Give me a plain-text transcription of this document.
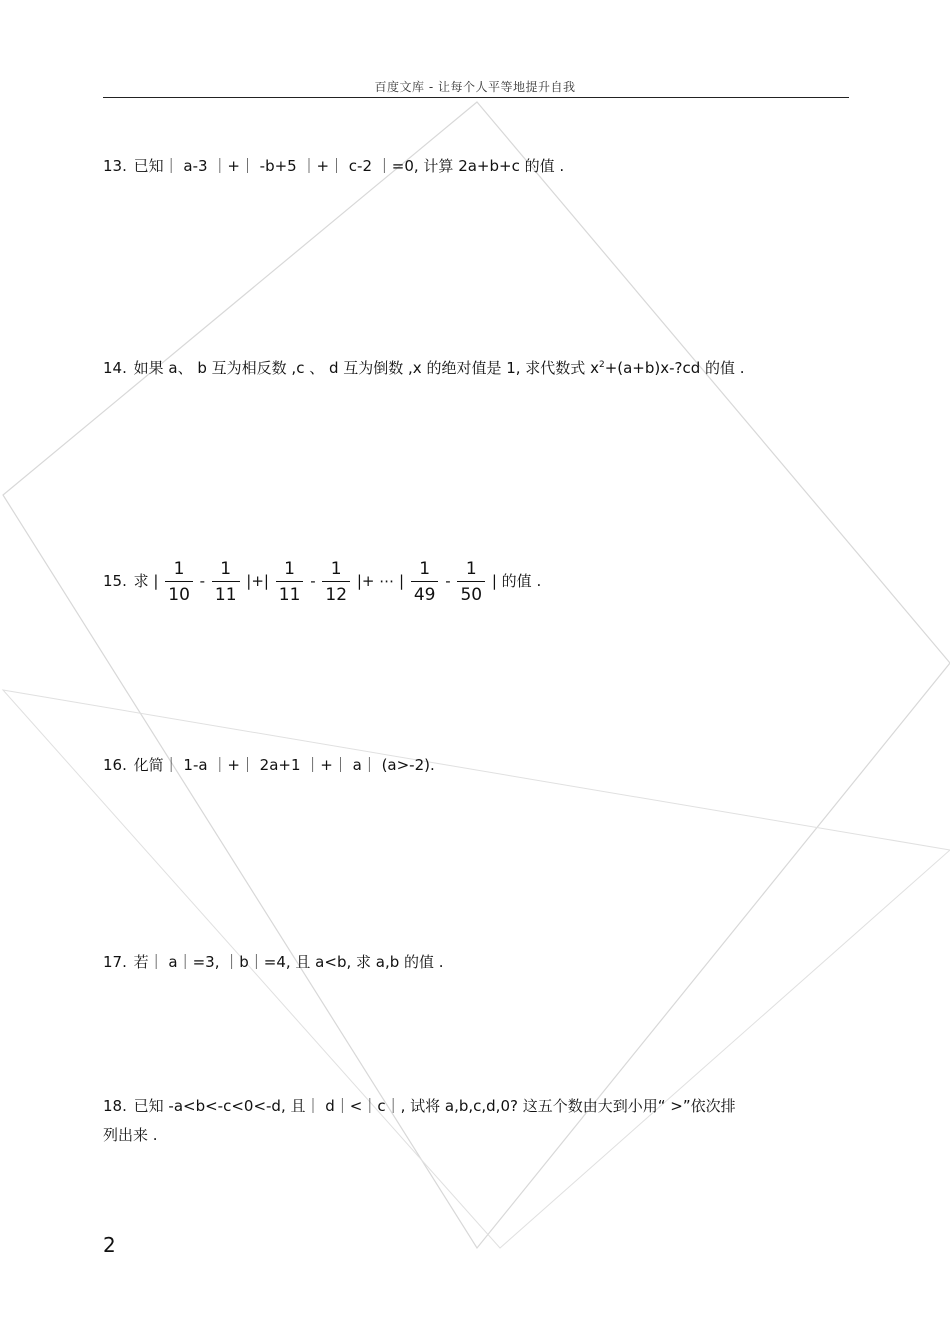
百度文库 - 让每个人平等地提升自我
13. 已知｜ a-3 ｜+｜ -b+5 ｜+｜ c-2 ｜=0, 计算 2a+b+c 的值 .
14. 如果 a、 b 互为相反数 ,c 、 d 互为倒数 ,x 的绝对值是 1, 求代数式 $x^2+(a+b)x-?cd$ 的值 .
15. 求 | $\frac{1}{10} - \frac{1}{11}$ |+| $\frac{1}{11} - \frac{1}{12}$ |+ ⋯ | $\frac{1}{49} - \frac{1}{50}$ | 的值 .
16. 化简｜ 1-a ｜+｜ 2a+1 ｜+｜ a｜ (a>-2).
17. 若｜ a｜=3, ｜b｜=4, 且 a<b, 求 a,b 的值 .
18. 已知 -a<b<-c<0<-d, 且｜ d｜<｜c｜, 试将 a,b,c,d,0? 这五个数由大到小用“ >”依次排
列出来 .
2
